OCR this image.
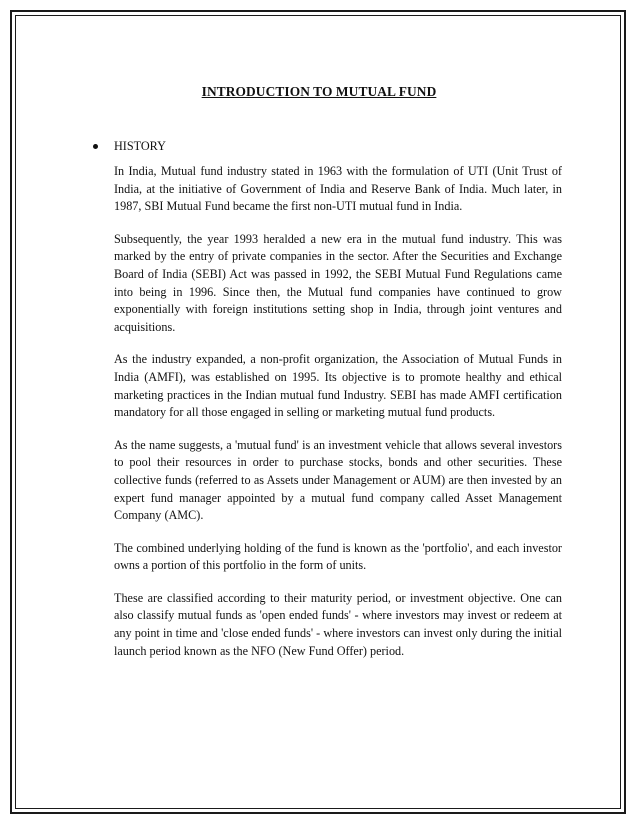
INTRODUCTION TO MUTUAL FUND
HISTORY

In India, Mutual fund industry stated in 1963 with the formulation of UTI (Unit Trust of India, at the initiative of Government of India and Reserve Bank of India. Much later, in 1987, SBI Mutual Fund became the first non-UTI mutual fund in India.

Subsequently, the year 1993 heralded a new era in the mutual fund industry. This was marked by the entry of private companies in the sector. After the Securities and Exchange Board of India (SEBI) Act was passed in 1992, the SEBI Mutual Fund Regulations came into being in 1996. Since then, the Mutual fund companies have continued to grow exponentially with foreign institutions setting shop in India, through joint ventures and acquisitions.

As the industry expanded, a non-profit organization, the Association of Mutual Funds in India (AMFI), was established on 1995. Its objective is to promote healthy and ethical marketing practices in the Indian mutual fund Industry. SEBI has made AMFI certification mandatory for all those engaged in selling or marketing mutual fund products.

As the name suggests, a 'mutual fund' is an investment vehicle that allows several investors to pool their resources in order to purchase stocks, bonds and other securities. These collective funds (referred to as Assets under Management or AUM) are then invested by an expert fund manager appointed by a mutual fund company called Asset Management Company (AMC).

The combined underlying holding of the fund is known as the 'portfolio', and each investor owns a portion of this portfolio in the form of units.

These are classified according to their maturity period, or investment objective. One can also classify mutual funds as 'open ended funds' - where investors may invest or redeem at any point in time and 'close ended funds' - where investors can invest only during the initial launch period known as the NFO (New Fund Offer) period.
